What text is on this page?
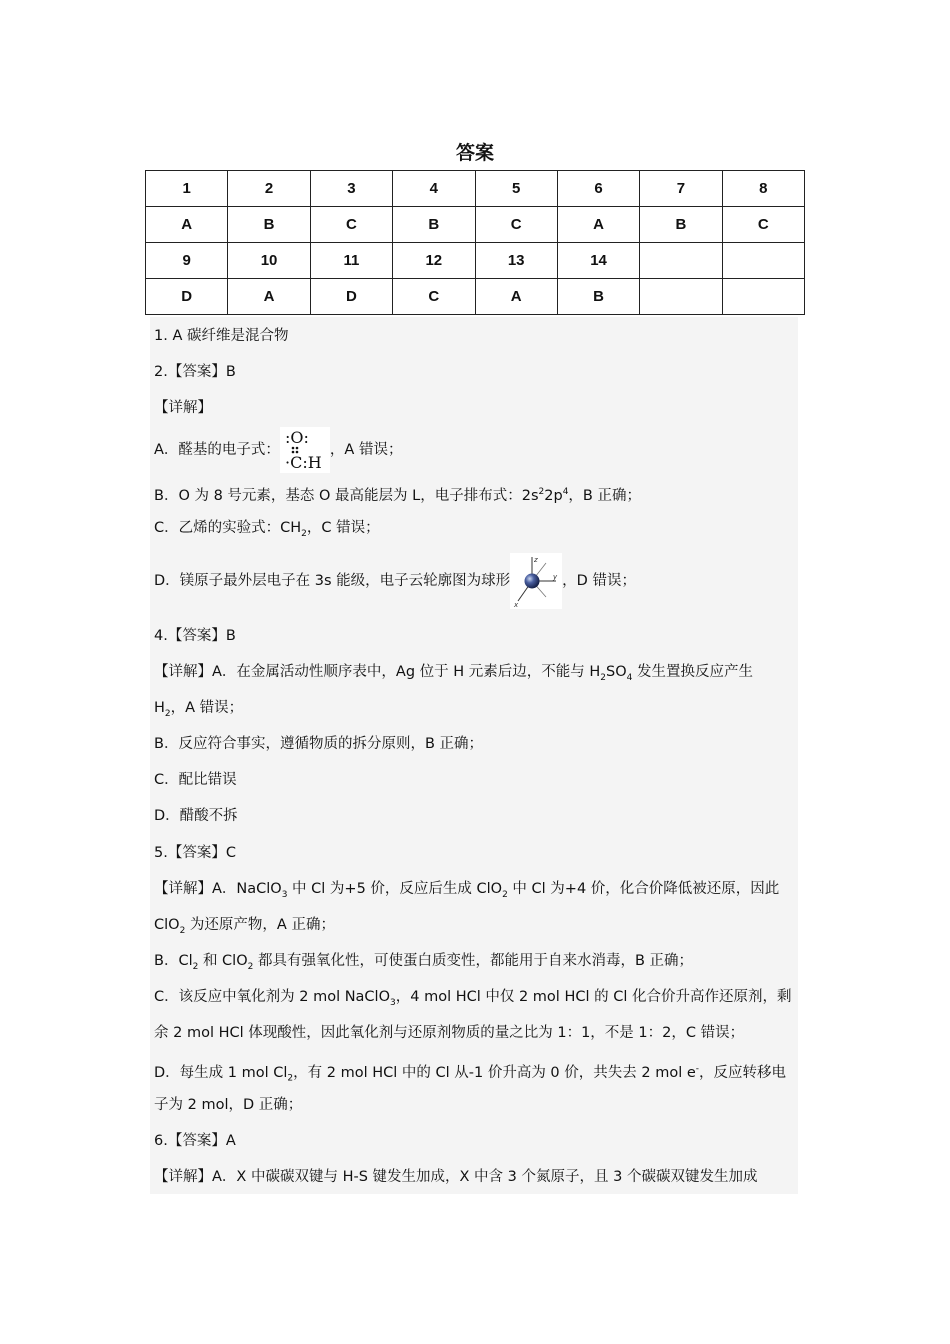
答案
1	2	3	4	5	6	7	8
A	B	C	B	C	A	B	C
9	10	11	12	13	14		
D	A	D	C	A	B		
1. A 碳纤维是混合物
2.【答案】B
【详解】
A．醛基的电子式：
:O:
·C:H
，A 错误；
B．O 为 8 号元素，基态 O 最高能层为 L，电子排布式：$2s^22p^4$，B 正确；
C．乙烯的实验式：$CH_2$，C 错误；
D．镁原子最外层电子在 3s 能级，电子云轮廓图为球形
z
y
x
，D 错误；
4.【答案】B
【详解】A．在金属活动性顺序表中，Ag 位于 H 元素后边，不能与 $H_2SO_4$ 发生置换反应产生
$H_2$，A 错误；
B．反应符合事实，遵循物质的拆分原则，B 正确；
C．配比错误
D．醋酸不拆
5.【答案】C
【详解】A．NaClO$_3$ 中 Cl 为+5 价，反应后生成 ClO$_2$ 中 Cl 为+4 价，化合价降低被还原，因此
ClO$_2$ 为还原产物，A 正确；
B．$Cl_2$ 和 ClO$_2$ 都具有强氧化性，可使蛋白质变性，都能用于自来水消毒，B 正确；
C．该反应中氧化剂为 2 mol NaClO$_3$，4 mol HCl 中仅 2 mol HCl 的 Cl 化合价升高作还原剂，剩
余 2 mol HCl 体现酸性，因此氧化剂与还原剂物质的量之比为 1：1，不是 1：2，C 错误；
D．每生成 1 mol $Cl_2$，有 2 mol HCl 中的 Cl 从-1 价升高为 0 价，共失去 2 mol e-，反应转移电
子为 2 mol，D 正确；
6.【答案】A
【详解】A．X 中碳碳双键与 H-S 键发生加成，X 中含 3 个氮原子，且 3 个碳碳双键发生加成
